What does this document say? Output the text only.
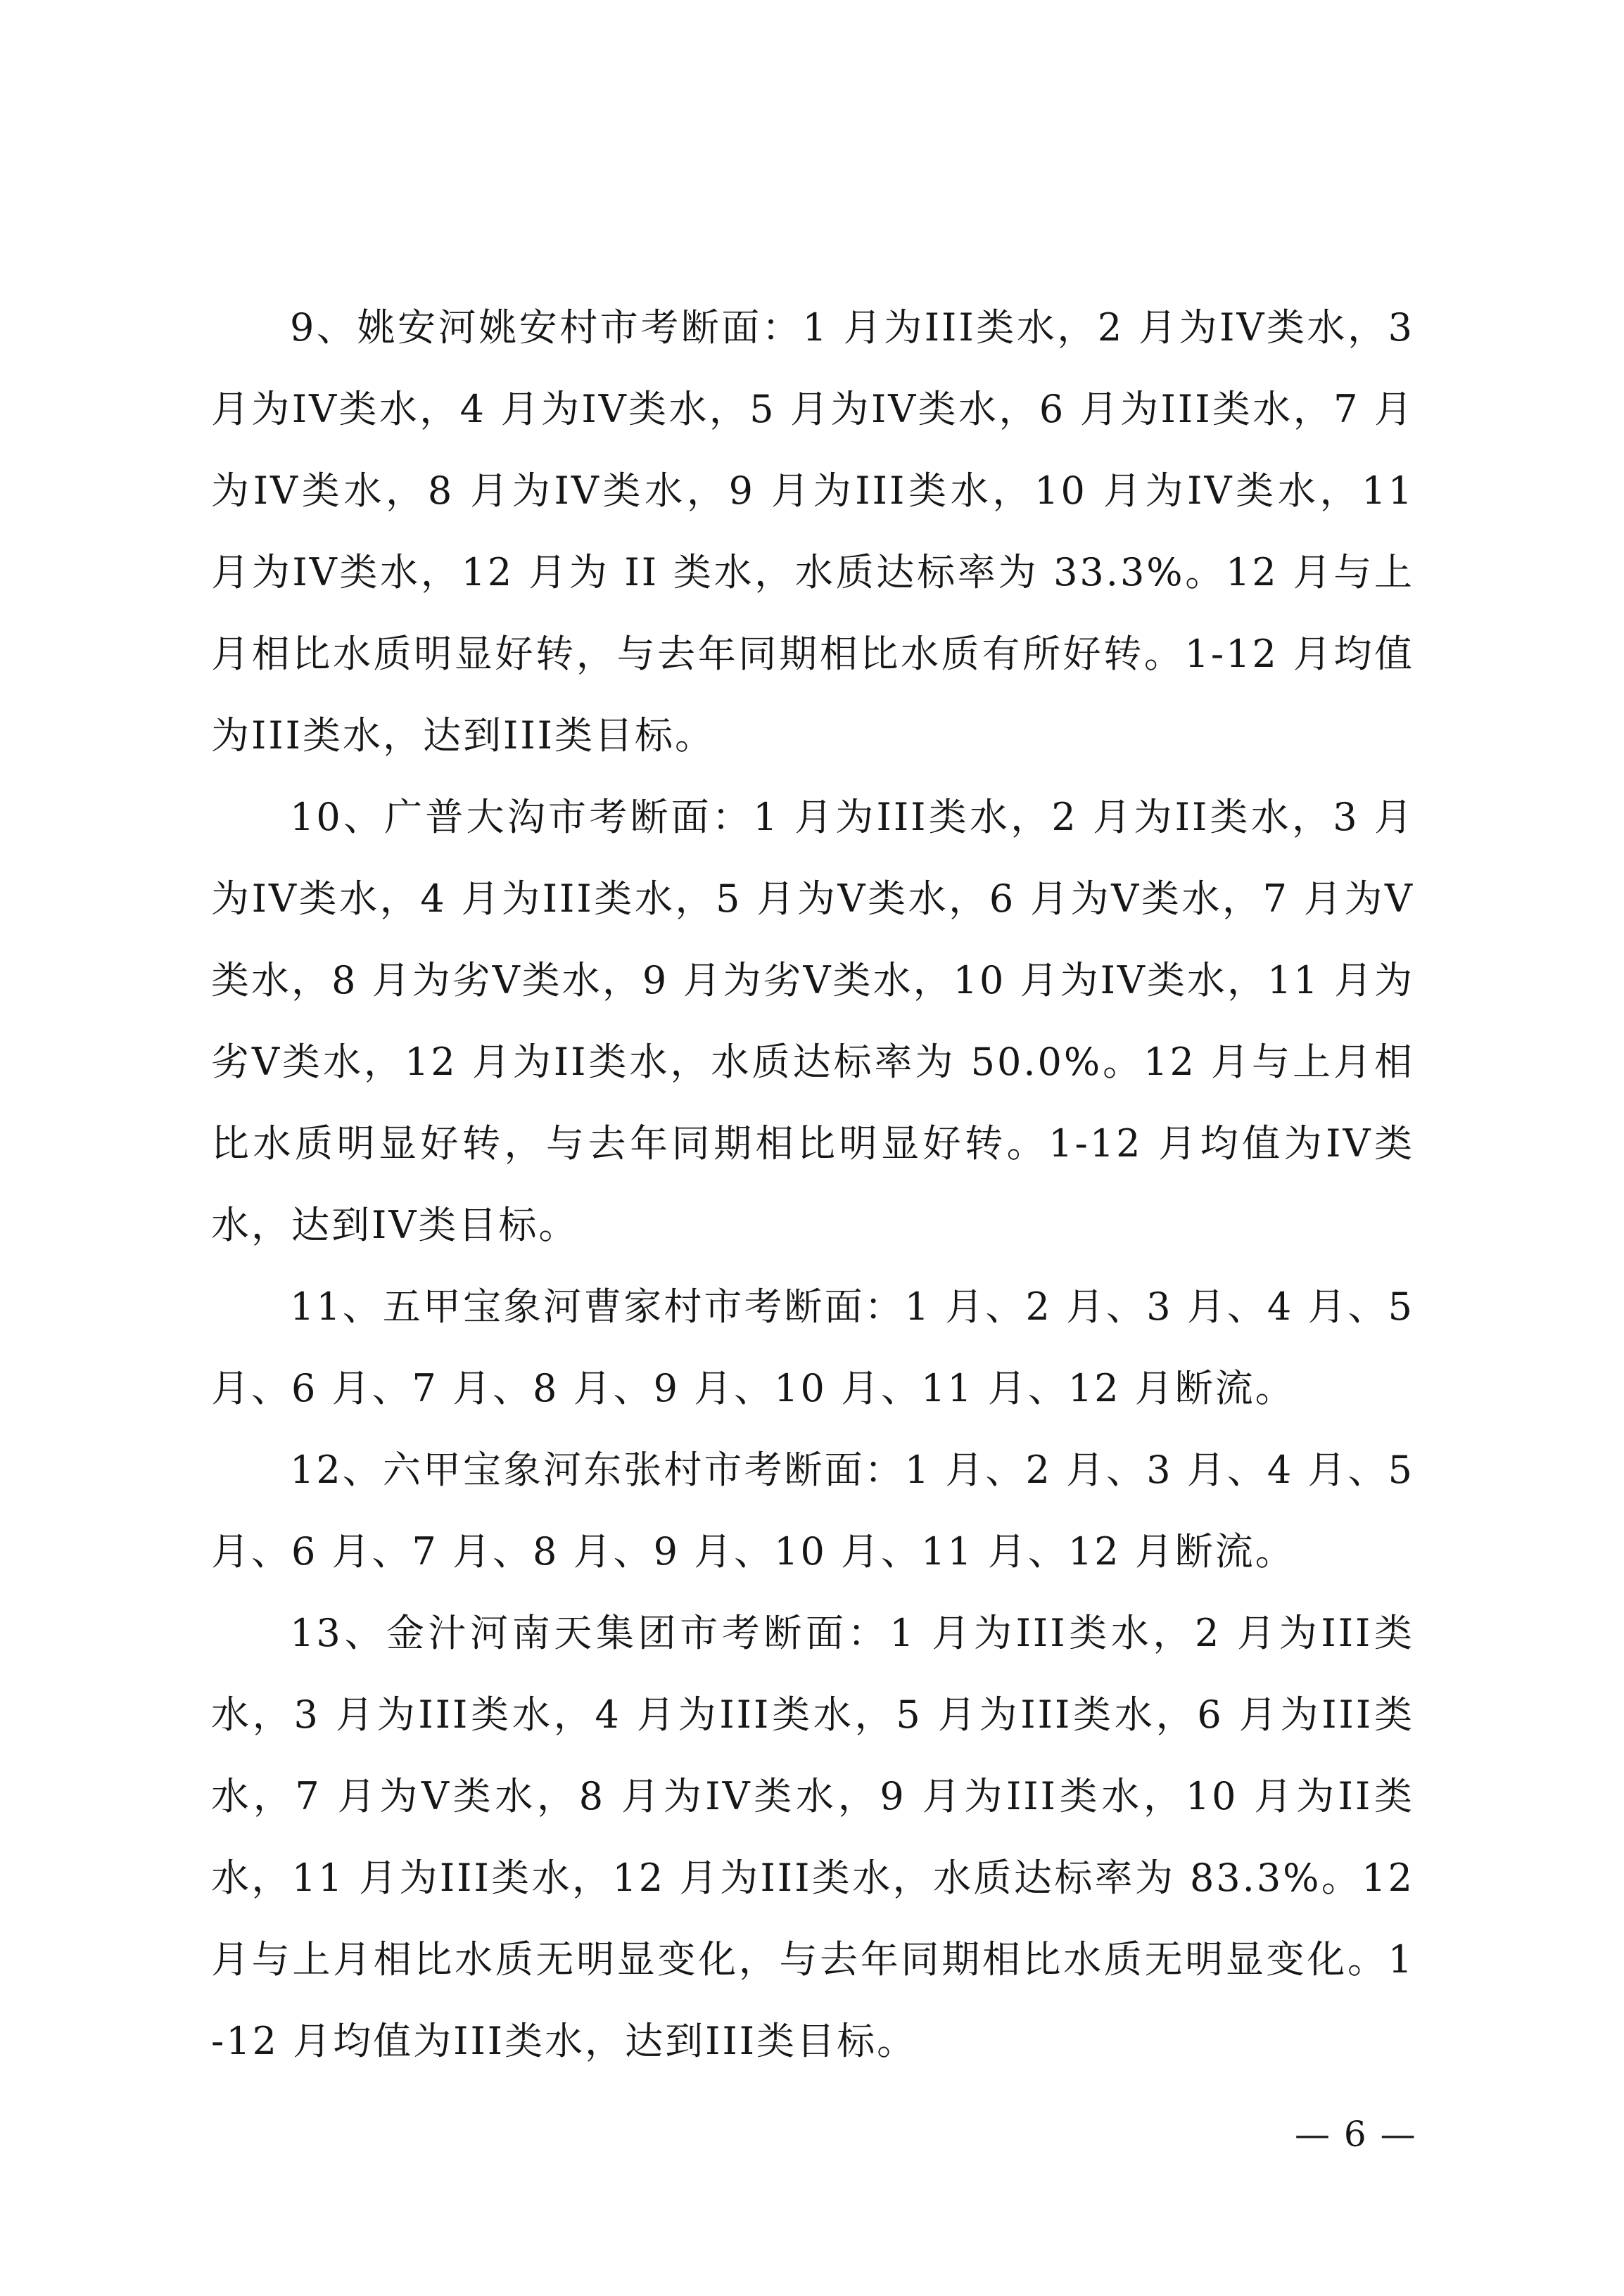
9、姚安河姚安村市考断面：1 月为III类水，2 月为IV类水，3 月为IV类水，4 月为IV类水，5 月为IV类水，6 月为III类水，7 月为IV类水，8 月为IV类水，9 月为III类水，10 月为IV类水，11 月为IV类水，12 月为 II 类水，水质达标率为 33.3%。12 月与上月相比水质明显好转，与去年同期相比水质有所好转。1-12 月均值为III类水，达到III类目标。

10、广普大沟市考断面：1 月为III类水，2 月为II类水，3 月为IV类水，4 月为III类水，5 月为V类水，6 月为V类水，7 月为V类水，8 月为劣V类水，9 月为劣V类水，10 月为IV类水，11 月为劣V类水，12 月为II类水，水质达标率为 50.0%。12 月与上月相比水质明显好转，与去年同期相比明显好转。1-12 月均值为IV类水，达到IV类目标。

11、五甲宝象河曹家村市考断面：1 月、2 月、3 月、4 月、5 月、6 月、7 月、8 月、9 月、10 月、11 月、12 月断流。

12、六甲宝象河东张村市考断面：1 月、2 月、3 月、4 月、5 月、6 月、7 月、8 月、9 月、10 月、11 月、12 月断流。

13、金汁河南天集团市考断面：1 月为III类水，2 月为III类水，3 月为III类水，4 月为III类水，5 月为III类水，6 月为III类水，7 月为V类水，8 月为IV类水，9 月为III类水，10 月为II类水，11 月为III类水，12 月为III类水，水质达标率为 83.3%。12 月与上月相比水质无明显变化，与去年同期相比水质无明显变化。1-12 月均值为III类水，达到III类目标。

— 6 —
